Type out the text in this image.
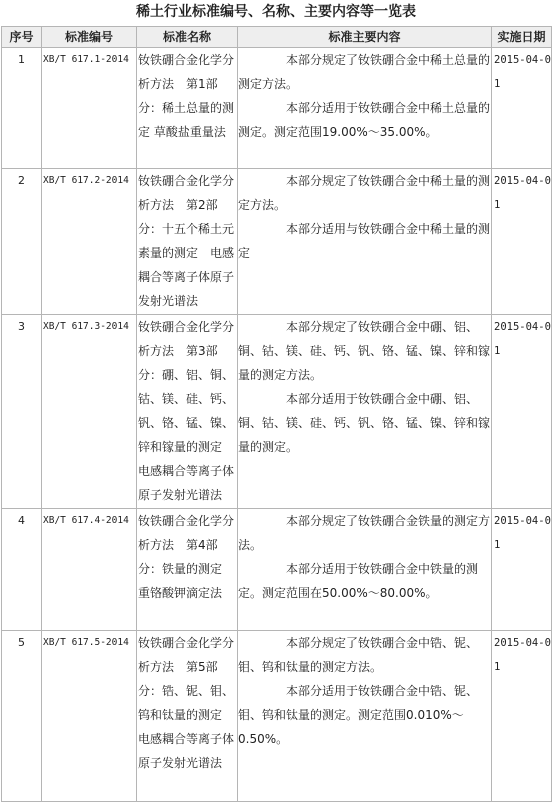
稀土行业标准编号、名称、主要内容等一览表
序号	标准编号	标准名称	标准主要内容	实施日期
1	XB/T 617.1-2014	钕铁硼合金化学分析方法　第1部分：稀土总量的测定 草酸盐重量法	本部分规定了钕铁硼合金中稀土总量的测定方法。

本部分适用于钕铁硼合金中稀土总量的测定。测定范围19.00%～35.00%。	2015-04-01
2	XB/T 617.2-2014	钕铁硼合金化学分析方法　第2部分：十五个稀土元素量的测定　电感耦合等离子体原子发射光谱法	本部分规定了钕铁硼合金中稀土量的测定方法。

本部分适用与钕铁硼合金中稀土量的测定	2015-04-01
3	XB/T 617.3-2014	钕铁硼合金化学分析方法　第3部分：硼、铝、铜、钴、镁、硅、钙、钒、铬、锰、镍、锌和镓量的测定　电感耦合等离子体原子发射光谱法	本部分规定了钕铁硼合金中硼、铝、铜、钴、镁、硅、钙、钒、铬、锰、镍、锌和镓量的测定方法。

本部分适用于钕铁硼合金中硼、铝、铜、钴、镁、硅、钙、钒、铬、锰、镍、锌和镓量的测定。	2015-04-01
4	XB/T 617.4-2014	钕铁硼合金化学分析方法　第4部分：铁量的测定　重铬酸钾滴定法	本部分规定了钕铁硼合金铁量的测定方法。

本部分适用于钕铁硼合金中铁量的测定。测定范围在50.00%～80.00%。	2015-04-01
5	XB/T 617.5-2014	钕铁硼合金化学分析方法　第5部分：锆、铌、钼、钨和钛量的测定　电感耦合等离子体原子发射光谱法	本部分规定了钕铁硼合金中锆、铌、钼、钨和钛量的测定方法。

本部分适用于钕铁硼合金中锆、铌、钼、钨和钛量的测定。测定范围0.010%～0.50%。	2015-04-01
